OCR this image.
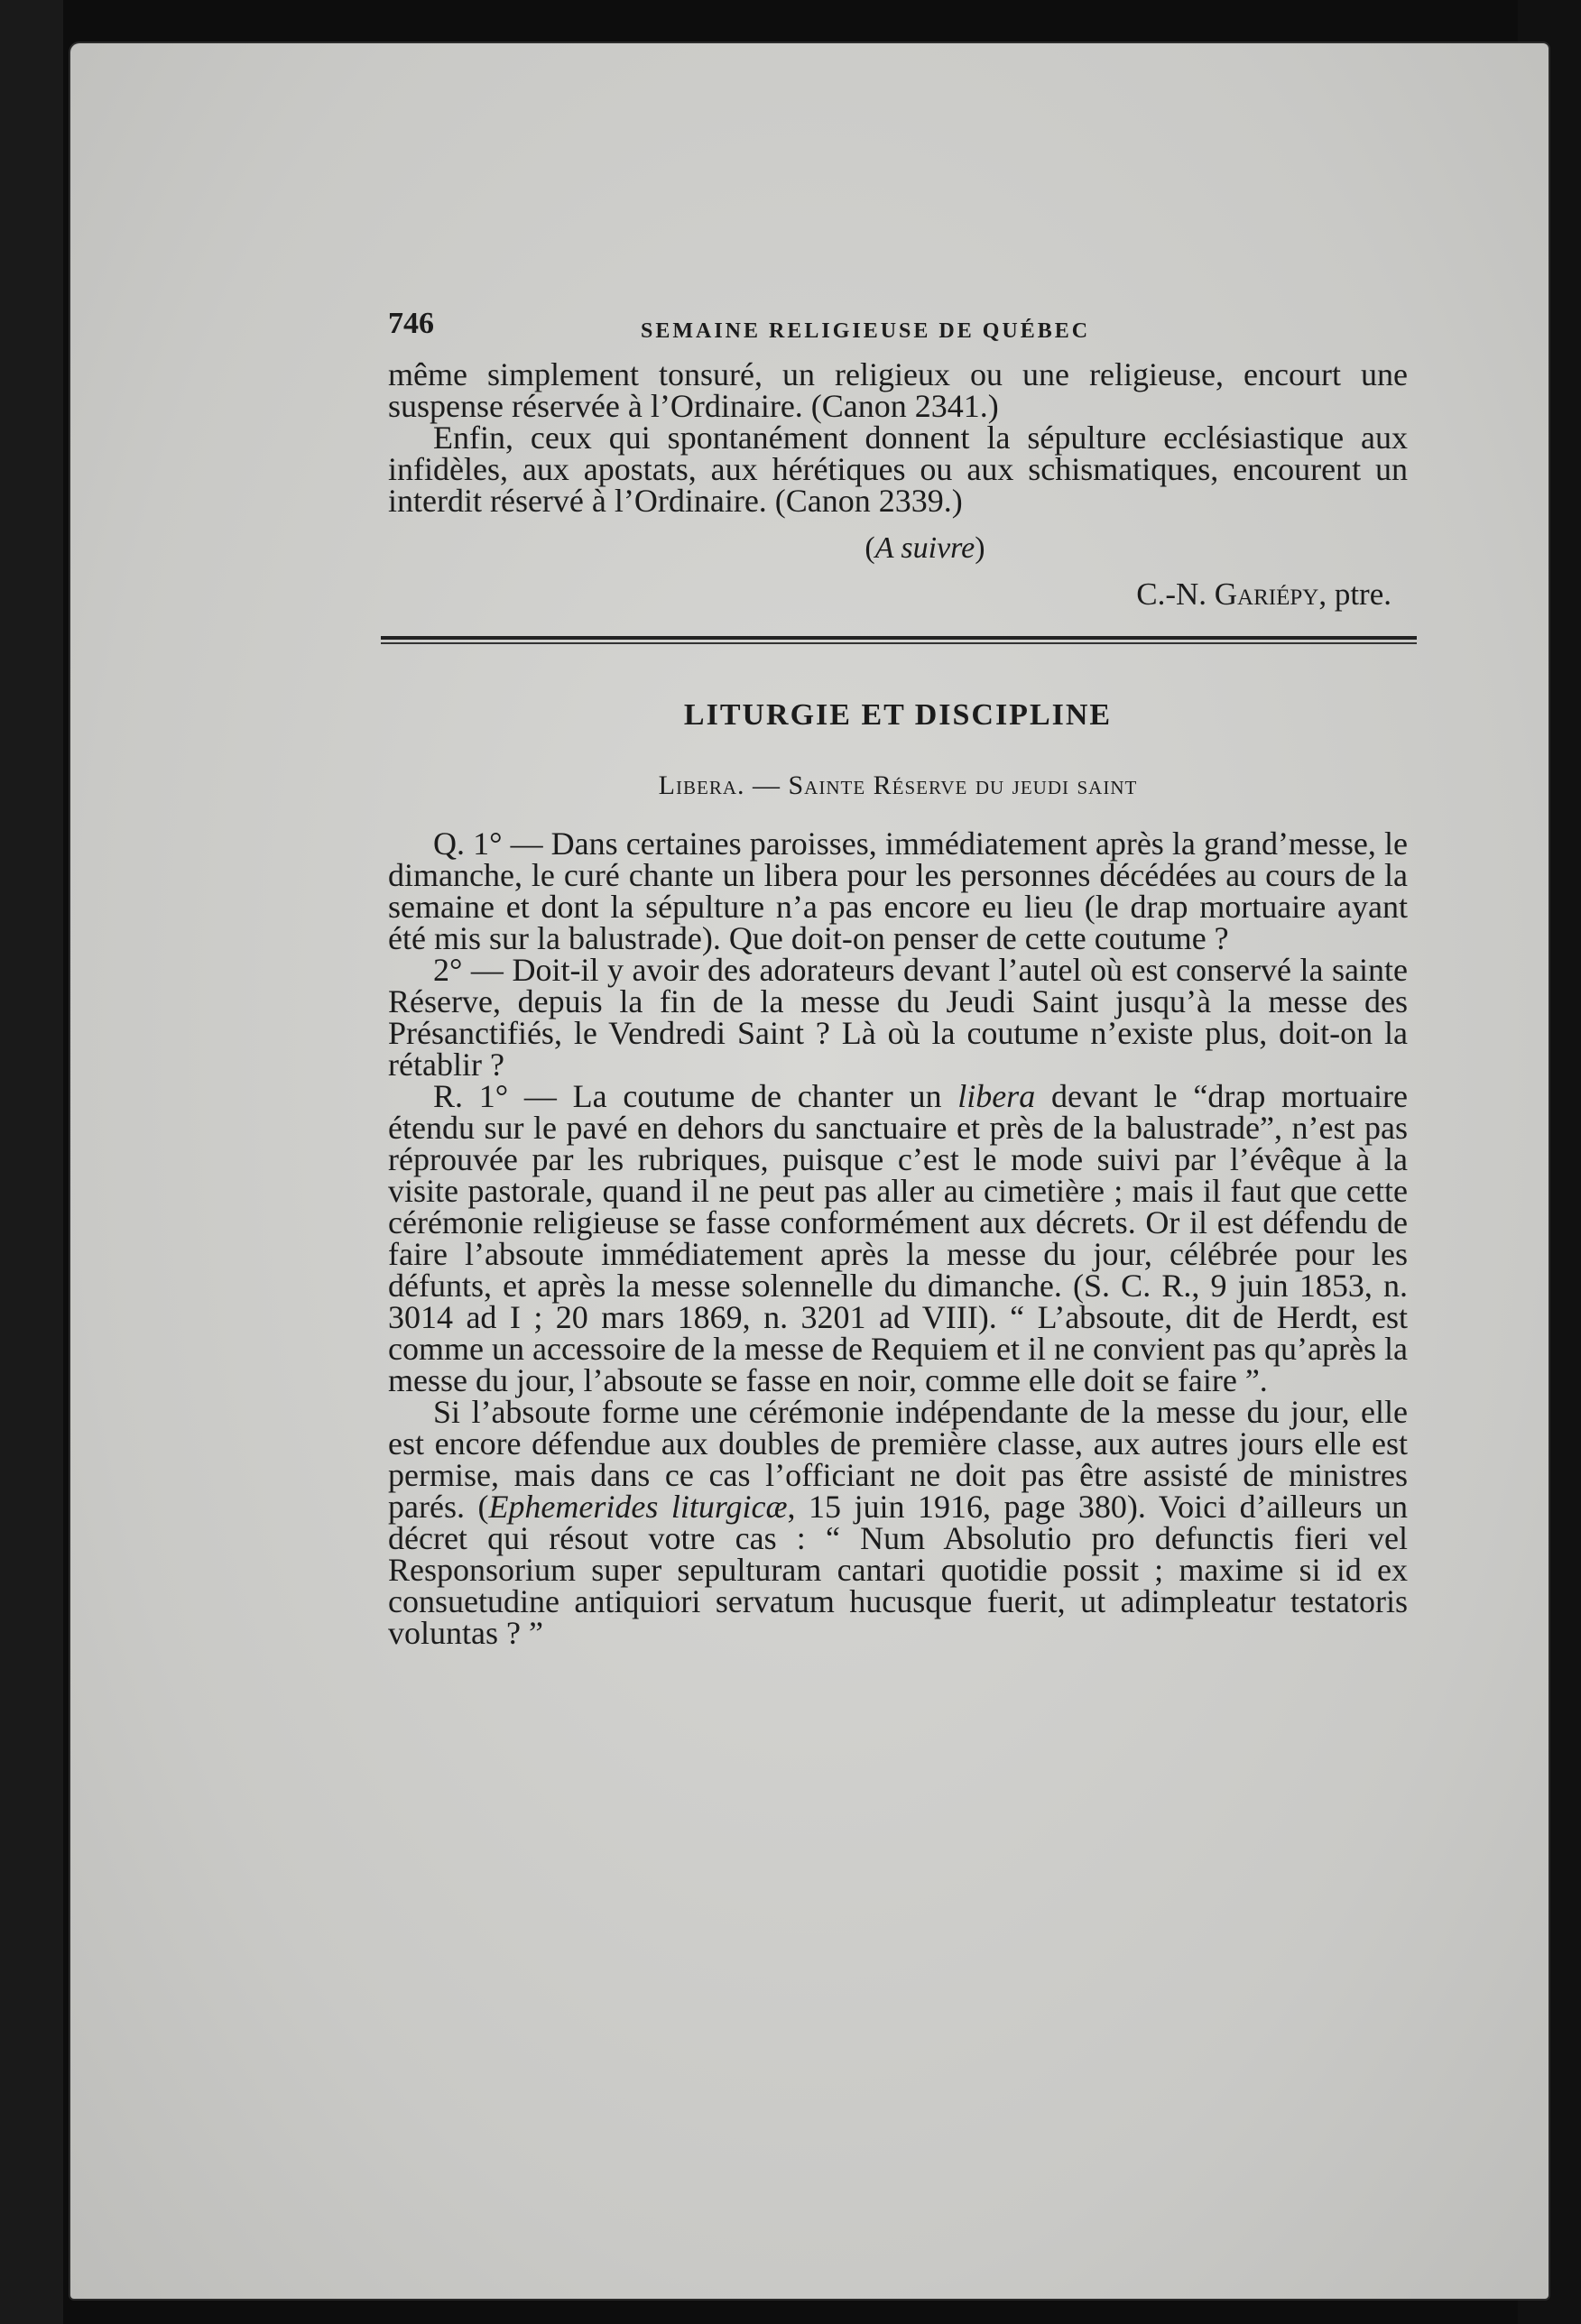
746	SEMAINE RELIGIEUSE DE QUÉBEC

même simplement tonsuré, un religieux ou une religieuse, encourt une suspense réservée à l’Ordinaire. (Canon 2341.)

Enfin, ceux qui spontanément donnent la sépulture ecclésiastique aux infidèles, aux apostats, aux hérétiques ou aux schismatiques, encourent un interdit réservé à l’Ordinaire. (Canon 2339.)

(A suivre)
C.-N. Gariépy, ptre.
LITURGIE ET DISCIPLINE
Libera. — Sainte Réserve du jeudi saint

Q. 1° — Dans certaines paroisses, immédiatement après la grand’messe, le dimanche, le curé chante un libera pour les personnes décédées au cours de la semaine et dont la sépulture n’a pas encore eu lieu (le drap mortuaire ayant été mis sur la balustrade). Que doit-on penser de cette coutume ?

2° — Doit-il y avoir des adorateurs devant l’autel où est conservé la sainte Réserve, depuis la fin de la messe du Jeudi Saint jusqu’à la messe des Présanctifiés, le Vendredi Saint ? Là où la coutume n’existe plus, doit-on la rétablir ?

R. 1° — La coutume de chanter un libera devant le “drap mortuaire étendu sur le pavé en dehors du sanctuaire et près de la balustrade”, n’est pas réprouvée par les rubriques, puisque c’est le mode suivi par l’évêque à la visite pastorale, quand il ne peut pas aller au cimetière ; mais il faut que cette cérémonie religieuse se fasse conformément aux décrets. Or il est défendu de faire l’absoute immédiatement après la messe du jour, célébrée pour les défunts, et après la messe solennelle du dimanche. (S. C. R., 9 juin 1853, n. 3014 ad I ; 20 mars 1869, n. 3201 ad VIII). “ L’absoute, dit de Herdt, est comme un accessoire de la messe de Requiem et il ne convient pas qu’après la messe du jour, l’absoute se fasse en noir, comme elle doit se faire ”.

Si l’absoute forme une cérémonie indépendante de la messe du jour, elle est encore défendue aux doubles de première classe, aux autres jours elle est permise, mais dans ce cas l’officiant ne doit pas être assisté de ministres parés. (Ephemerides liturgicæ, 15 juin 1916, page 380). Voici d’ailleurs un décret qui résout votre cas : “ Num Absolutio pro defunctis fieri vel Responsorium super sepulturam cantari quotidie possit ; maxime si id ex consuetudine antiquiori servatum hucusque fuerit, ut adimpleatur testatoris voluntas ? ”
